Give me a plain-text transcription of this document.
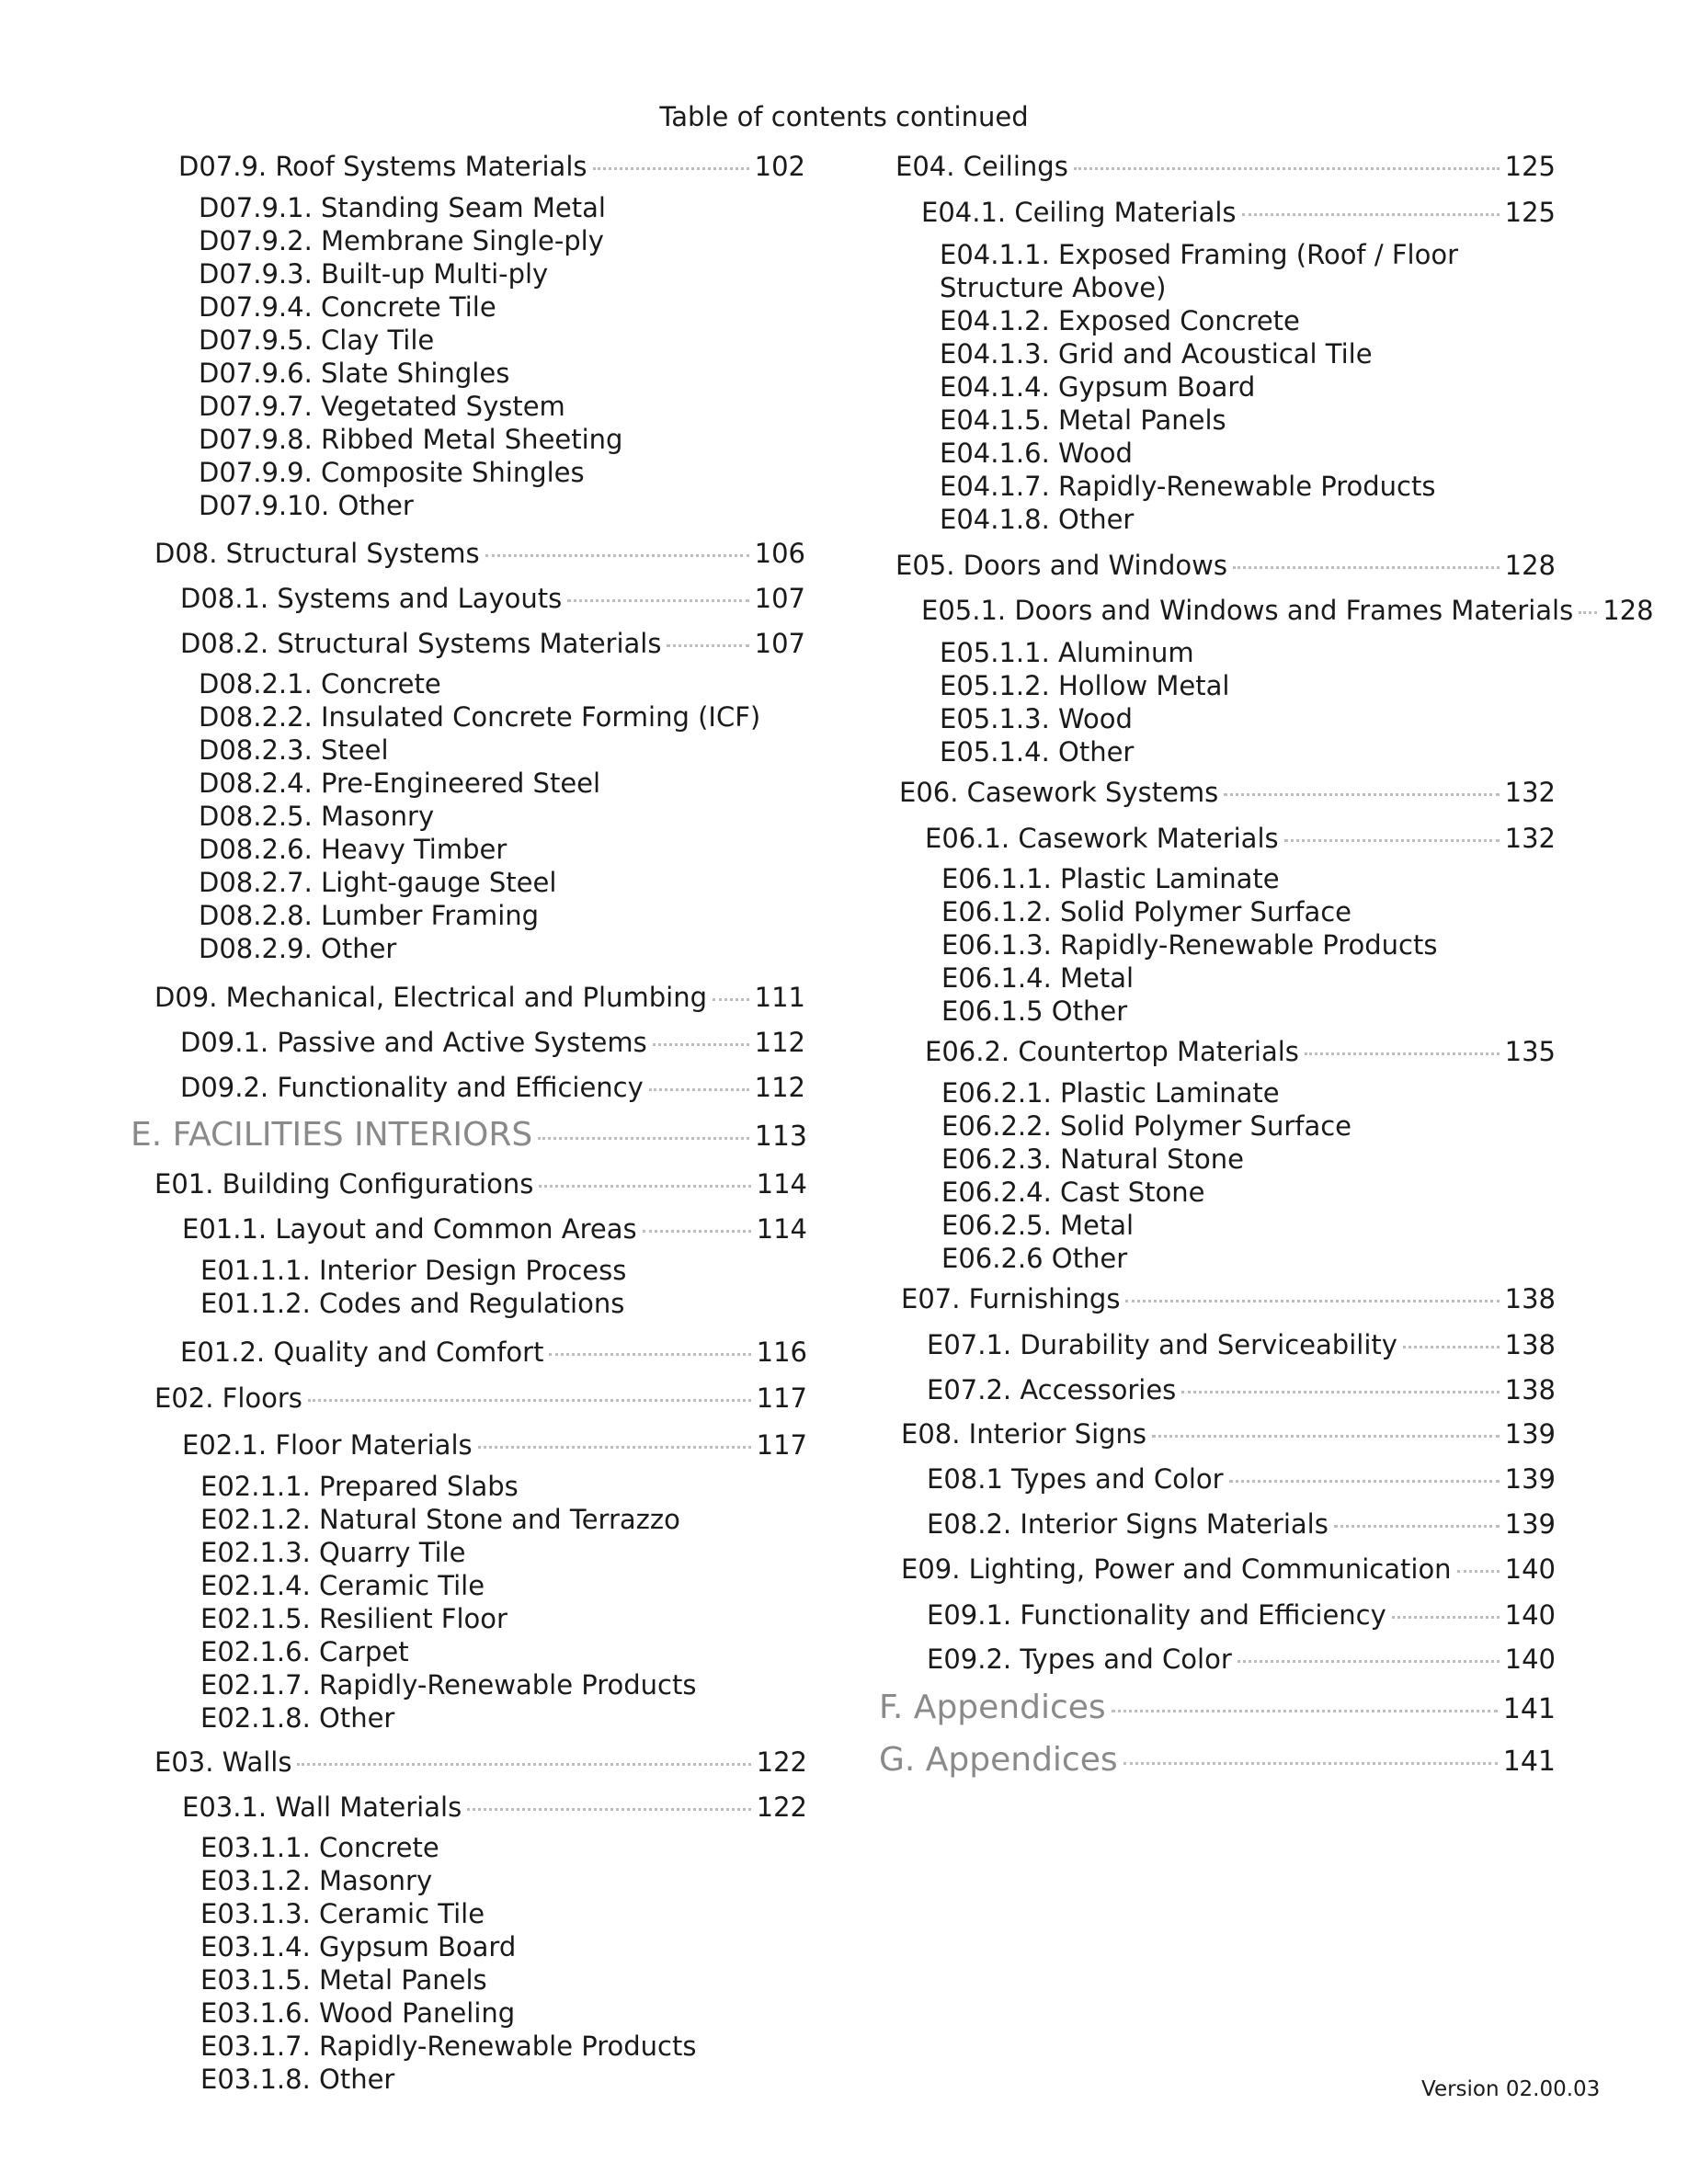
Table of contents continued
D07.9. Roof Systems Materials	102
D07.9.1. Standing Seam Metal
D07.9.2. Membrane Single-ply
D07.9.3. Built-up Multi-ply
D07.9.4. Concrete Tile
D07.9.5. Clay Tile
D07.9.6. Slate Shingles
D07.9.7. Vegetated System
D07.9.8. Ribbed Metal Sheeting
D07.9.9. Composite Shingles
D07.9.10. Other
D08. Structural Systems	106
D08.1. Systems and Layouts	107
D08.2. Structural Systems Materials	107
D08.2.1. Concrete
D08.2.2. Insulated Concrete Forming (ICF)
D08.2.3. Steel
D08.2.4. Pre-Engineered Steel
D08.2.5. Masonry
D08.2.6. Heavy Timber
D08.2.7. Light-gauge Steel
D08.2.8. Lumber Framing
D08.2.9. Other
D09. Mechanical, Electrical and Plumbing 111
D09.1. Passive and Active Systems	112
D09.2. Functionality and Efficiency	112
E. FACILITIES INTERIORS	113
E01. Building Configurations	114
E01.1. Layout and Common Areas	114
E01.1.1. Interior Design Process
E01.1.2. Codes and Regulations
E01.2. Quality and Comfort	116
E02. Floors	117
E02.1. Floor Materials	117
E02.1.1. Prepared Slabs
E02.1.2. Natural Stone and Terrazzo
E02.1.3. Quarry Tile
E02.1.4. Ceramic Tile
E02.1.5. Resilient Floor
E02.1.6. Carpet
E02.1.7. Rapidly-Renewable Products
E02.1.8. Other
E03. Walls	122
E03.1. Wall Materials	122
E03.1.1. Concrete
E03.1.2. Masonry
E03.1.3. Ceramic Tile
E03.1.4. Gypsum Board
E03.1.5. Metal Panels
E03.1.6. Wood Paneling
E03.1.7. Rapidly-Renewable Products
E03.1.8. Other
E04. Ceilings	125
E04.1. Ceiling Materials	125
E04.1.1. Exposed Framing (Roof / Floor Structure Above)
E04.1.2. Exposed Concrete
E04.1.3. Grid and Acoustical Tile
E04.1.4. Gypsum Board
E04.1.5. Metal Panels
E04.1.6. Wood
E04.1.7. Rapidly-Renewable Products
E04.1.8. Other
E05. Doors and Windows	128
E05.1. Doors and Windows and Frames Materials 128
E05.1.1. Aluminum
E05.1.2. Hollow Metal
E05.1.3. Wood
E05.1.4. Other
E06. Casework Systems	132
E06.1. Casework Materials	132
E06.1.1. Plastic Laminate
E06.1.2. Solid Polymer Surface
E06.1.3. Rapidly-Renewable Products
E06.1.4. Metal
E06.1.5 Other
E06.2. Countertop Materials	135
E06.2.1. Plastic Laminate
E06.2.2. Solid Polymer Surface
E06.2.3. Natural Stone
E06.2.4. Cast Stone
E06.2.5. Metal
E06.2.6 Other
E07. Furnishings	138
E07.1. Durability and Serviceability	138
E07.2. Accessories	138
E08. Interior Signs	139
E08.1 Types and Color	139
E08.2. Interior Signs Materials	139
E09. Lighting, Power and Communication 140
E09.1. Functionality and Efficiency	140
E09.2. Types and Color	140
F. Appendices	141
G. Appendices	141
Version 02.00.03
